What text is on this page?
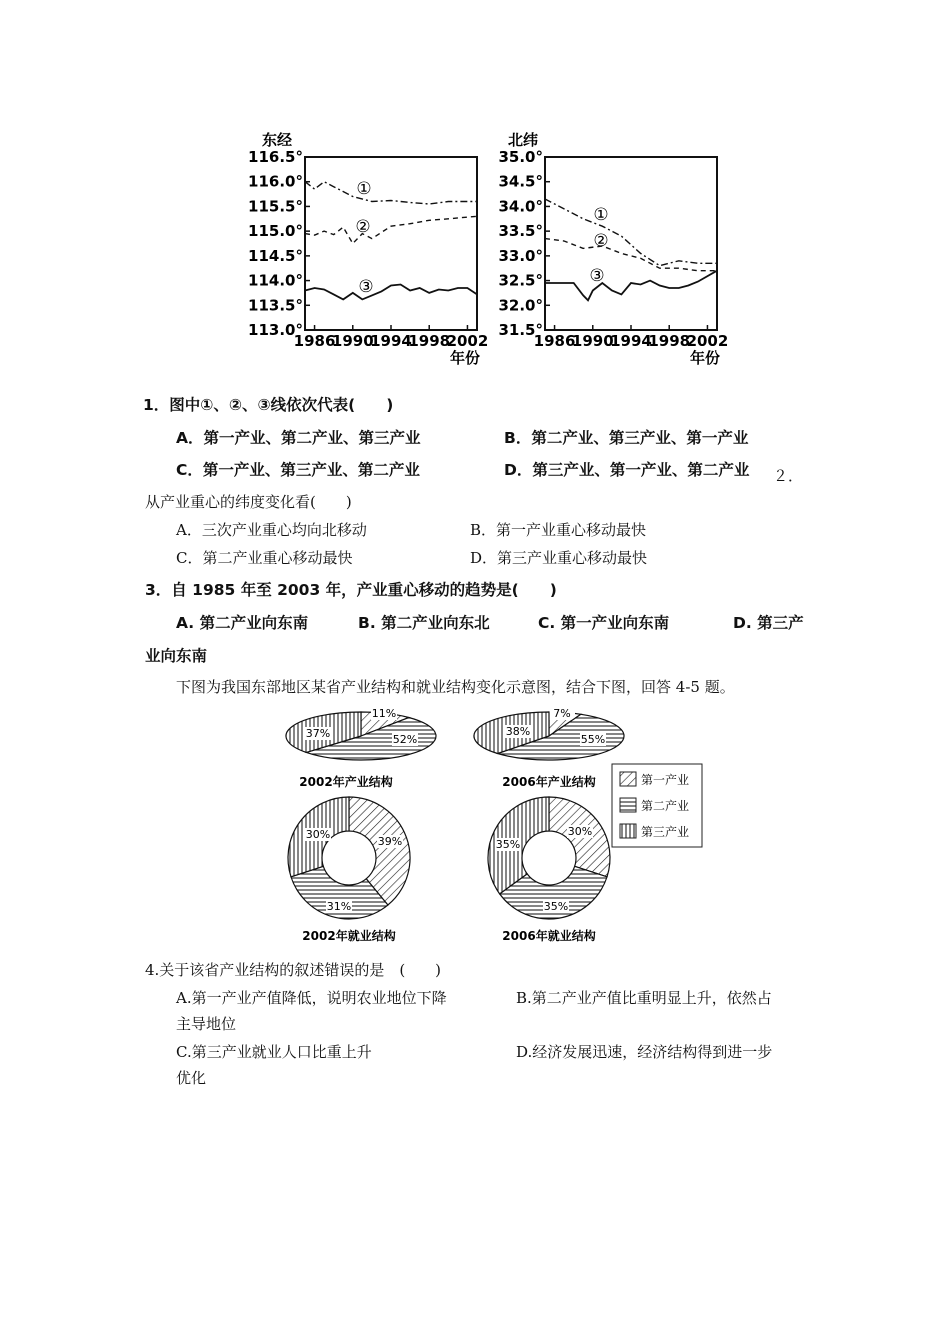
东经
116.5°
116.0°
115.5°
115.0°
114.5°
114.0°
113.5°
113.0°
1986
1990
1994
1998
2002
年份
①
②
③
北纬
35.0°
34.5°
34.0°
33.5°
33.0°
32.5°
32.0°
31.5°
1986
1990
1994
1998
2002
年份
①
②
③
1．图中①、②、③线依次代表(　　)
A．第一产业、第二产业、第三产业	B．第二产业、第三产业、第一产业
C．第一产业、第三产业、第二产业	D．第三产业、第一产业、第二产业 ２．
从产业重心的纬度变化看(　　)
A．三次产业重心均向北移动	B．第一产业重心移动最快
C．第二产业重心移动最快	D．第三产业重心移动最快
3．自 1985 年至 2003 年，产业重心移动的趋势是(　　)
A. 第二产业向东南	B. 第二产业向东北	C. 第一产业向东南	D. 第三产
业向东南
下图为我国东部地区某省产业结构和就业结构变化示意图，结合下图，回答 4-5 题。
11%
52%
37%
2002年产业结构
7%
55%
38%
2006年产业结构
39%
31%
30%
2002年就业结构
30%
35%
35%
2006年就业结构
第一产业
第二产业
第三产业
4.关于该省产业结构的叙述错误的是　(　　)
A.第一产业产值降低，说明农业地位下降	B.第二产业产值比重明显上升，依然占
主导地位
C.第三产业就业人口比重上升	D.经济发展迅速，经济结构得到进一步
优化
